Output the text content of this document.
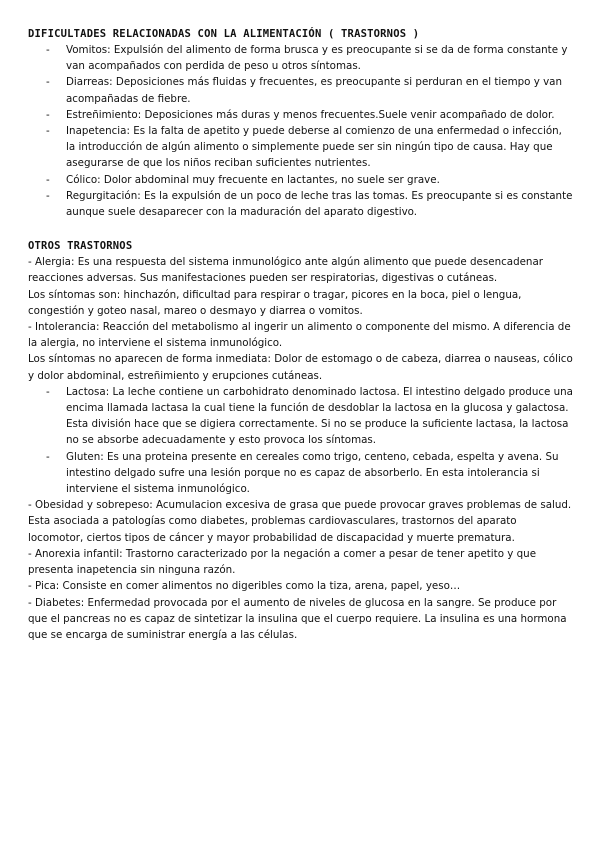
DIFICULTADES RELACIONADAS CON LA ALIMENTACIÓN ( TRASTORNOS )
- Vomitos: Expulsión del alimento de forma brusca y es preocupante si se da de forma constante y van acompañados con perdida de peso u otros síntomas.
- Diarreas: Deposiciones más fluidas y frecuentes, es preocupante si perduran en el tiempo y van acompañadas de fiebre.
- Estreñimiento: Deposiciones más duras y menos frecuentes.Suele venir acompañado de dolor.
- Inapetencia: Es la falta de apetito y puede deberse al comienzo de una enfermedad o infección, la introducción de algún alimento o simplemente puede ser sin ningún tipo de causa. Hay que asegurarse de que los niños reciban suficientes nutrientes.
- Cólico: Dolor abdominal muy frecuente en lactantes, no suele ser grave.
- Regurgitación: Es la expulsión de un poco de leche tras las tomas. Es preocupante si es constante aunque suele desaparecer con la maduración del aparato digestivo.
OTROS TRASTORNOS

- Alergia: Es una respuesta del sistema inmunológico ante algún alimento que puede desencadenar reacciones adversas. Sus manifestaciones pueden ser respiratorias, digestivas o cutáneas.

Los síntomas son: hinchazón, dificultad para respirar o tragar, picores en la boca, piel o lengua, congestión y goteo nasal, mareo o desmayo y diarrea o vomitos.

- Intolerancia: Reacción del metabolismo al ingerir un alimento o componente del mismo. A diferencia de la alergia, no interviene el sistema inmunológico.

Los síntomas no aparecen de forma inmediata: Dolor de estomago o de cabeza, diarrea o nauseas, cólico y dolor abdominal, estreñimiento y erupciones cutáneas.

- Lactosa: La leche contiene un carbohidrato denominado lactosa. El intestino delgado produce una encima llamada lactasa la cual tiene la función de desdoblar la lactosa en la glucosa y galactosa. Esta división hace que se digiera correctamente. Si no se produce la suficiente lactasa, la lactosa no se absorbe adecuadamente y esto provoca los síntomas.
- Gluten: Es una proteina presente en cereales como trigo, centeno, cebada, espelta y avena. Su intestino delgado sufre una lesión porque no es capaz de absorberlo. En esta intolerancia si interviene el sistema inmunológico.

- Obesidad y sobrepeso: Acumulacion excesiva de grasa que puede provocar graves problemas de salud. Esta asociada a patologías como diabetes, problemas cardiovasculares, trastornos del aparato locomotor, ciertos tipos de cáncer y mayor probabilidad de discapacidad y muerte prematura.

- Anorexia infantil: Trastorno caracterizado por la negación a comer a pesar de tener apetito y que presenta inapetencia sin ninguna razón.

- Pica: Consiste en comer alimentos no digeribles como la tiza, arena, papel, yeso…

- Diabetes: Enfermedad provocada por el aumento de niveles de glucosa en la sangre. Se produce por que el pancreas no es capaz de sintetizar la insulina que el cuerpo requiere. La insulina es una hormona que se encarga de suministrar energía a las células.
